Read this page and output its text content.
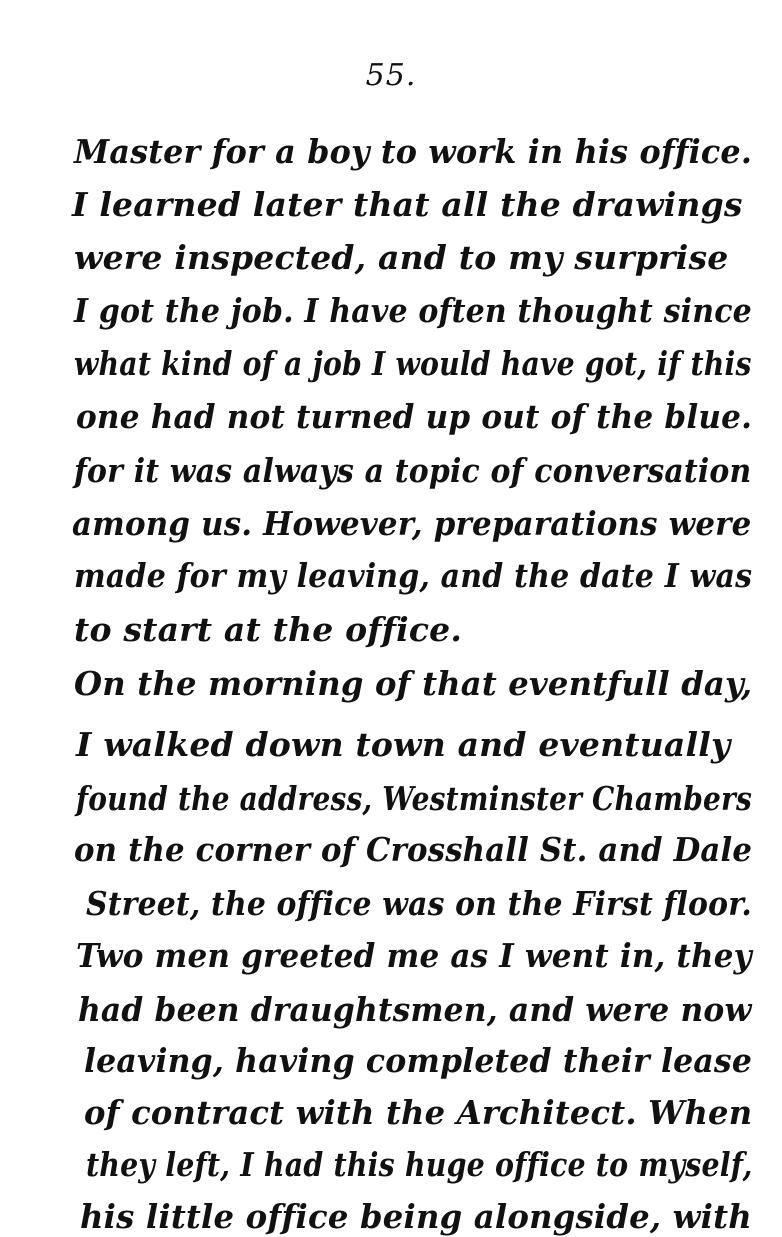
55.
Master for a boy to work in his office.
I learned later that all the drawings
were inspected, and to my surprise
I got the job. I have often thought since
what kind of a job I would have got, if this
one had not turned up out of the blue.
for it was always a topic of conversation
among us. However, preparations were
made for my leaving, and the date I was
to start at the office.
On the morning of that eventfull day,
I walked down town and eventually
found the address, Westminster Chambers
on the corner of Crosshall St. and Dale
Street, the office was on the First floor.
Two men greeted me as I went in, they
had been draughtsmen, and were now
leaving, having completed their lease
of contract with the Architect. When
they left, I had this huge office to myself,
his little office being alongside, with
